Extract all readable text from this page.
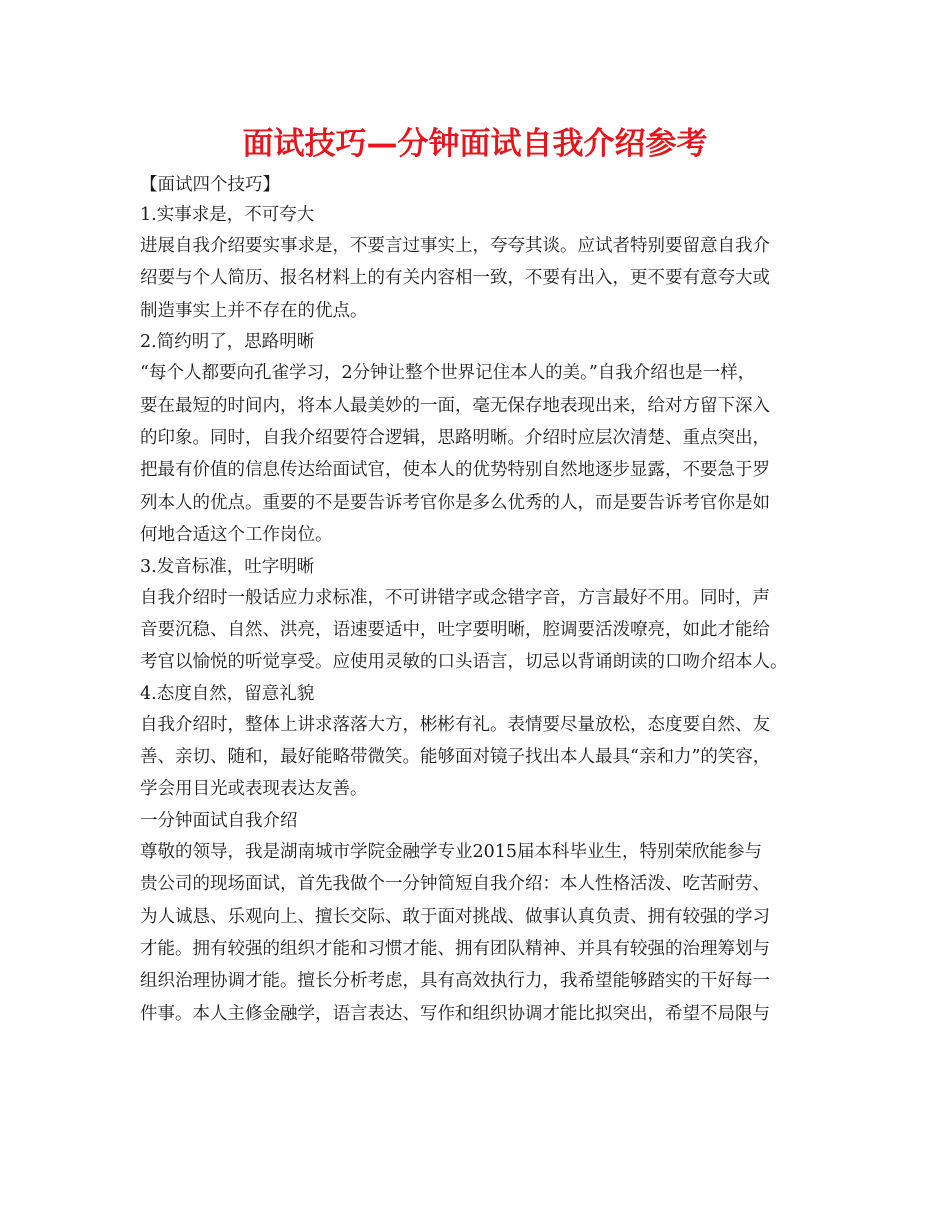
面试技巧—分钟面试自我介绍参考
【面试四个技巧】
1.实事求是，不可夸大
进展自我介绍要实事求是，不要言过事实上，夸夸其谈。应试者特别要留意自我介
绍要与个人简历、报名材料上的有关内容相一致，不要有出入，更不要有意夸大或
制造事实上并不存在的优点。
2.简约明了，思路明晰
“每个人都要向孔雀学习，2分钟让整个世界记住本人的美。”自我介绍也是一样，
要在最短的时间内，将本人最美妙的一面，毫无保存地表现出来，给对方留下深入
的印象。同时，自我介绍要符合逻辑，思路明晰。介绍时应层次清楚、重点突出，
把最有价值的信息传达给面试官，使本人的优势特别自然地逐步显露，不要急于罗
列本人的优点。重要的不是要告诉考官你是多么优秀的人，而是要告诉考官你是如
何地合适这个工作岗位。
3.发音标准，吐字明晰
自我介绍时一般话应力求标准，不可讲错字或念错字音，方言最好不用。同时，声
音要沉稳、自然、洪亮，语速要适中，吐字要明晰，腔调要活泼嘹亮，如此才能给
考官以愉悦的听觉享受。应使用灵敏的口头语言，切忌以背诵朗读的口吻介绍本人。
4.态度自然，留意礼貌
自我介绍时，整体上讲求落落大方，彬彬有礼。表情要尽量放松，态度要自然、友
善、亲切、随和，最好能略带微笑。能够面对镜子找出本人最具“亲和力”的笑容，
学会用目光或表现表达友善。
一分钟面试自我介绍
尊敬的领导，我是湖南城市学院金融学专业2015届本科毕业生，特别荣欣能参与
贵公司的现场面试，首先我做个一分钟简短自我介绍：本人性格活泼、吃苦耐劳、
为人诚恳、乐观向上、擅长交际、敢于面对挑战、做事认真负责、拥有较强的学习
才能。拥有较强的组织才能和习惯才能、拥有团队精神、并具有较强的治理筹划与
组织治理协调才能。擅长分析考虑，具有高效执行力，我希望能够踏实的干好每一
件事。本人主修金融学，语言表达、写作和组织协调才能比拟突出，希望不局限与
